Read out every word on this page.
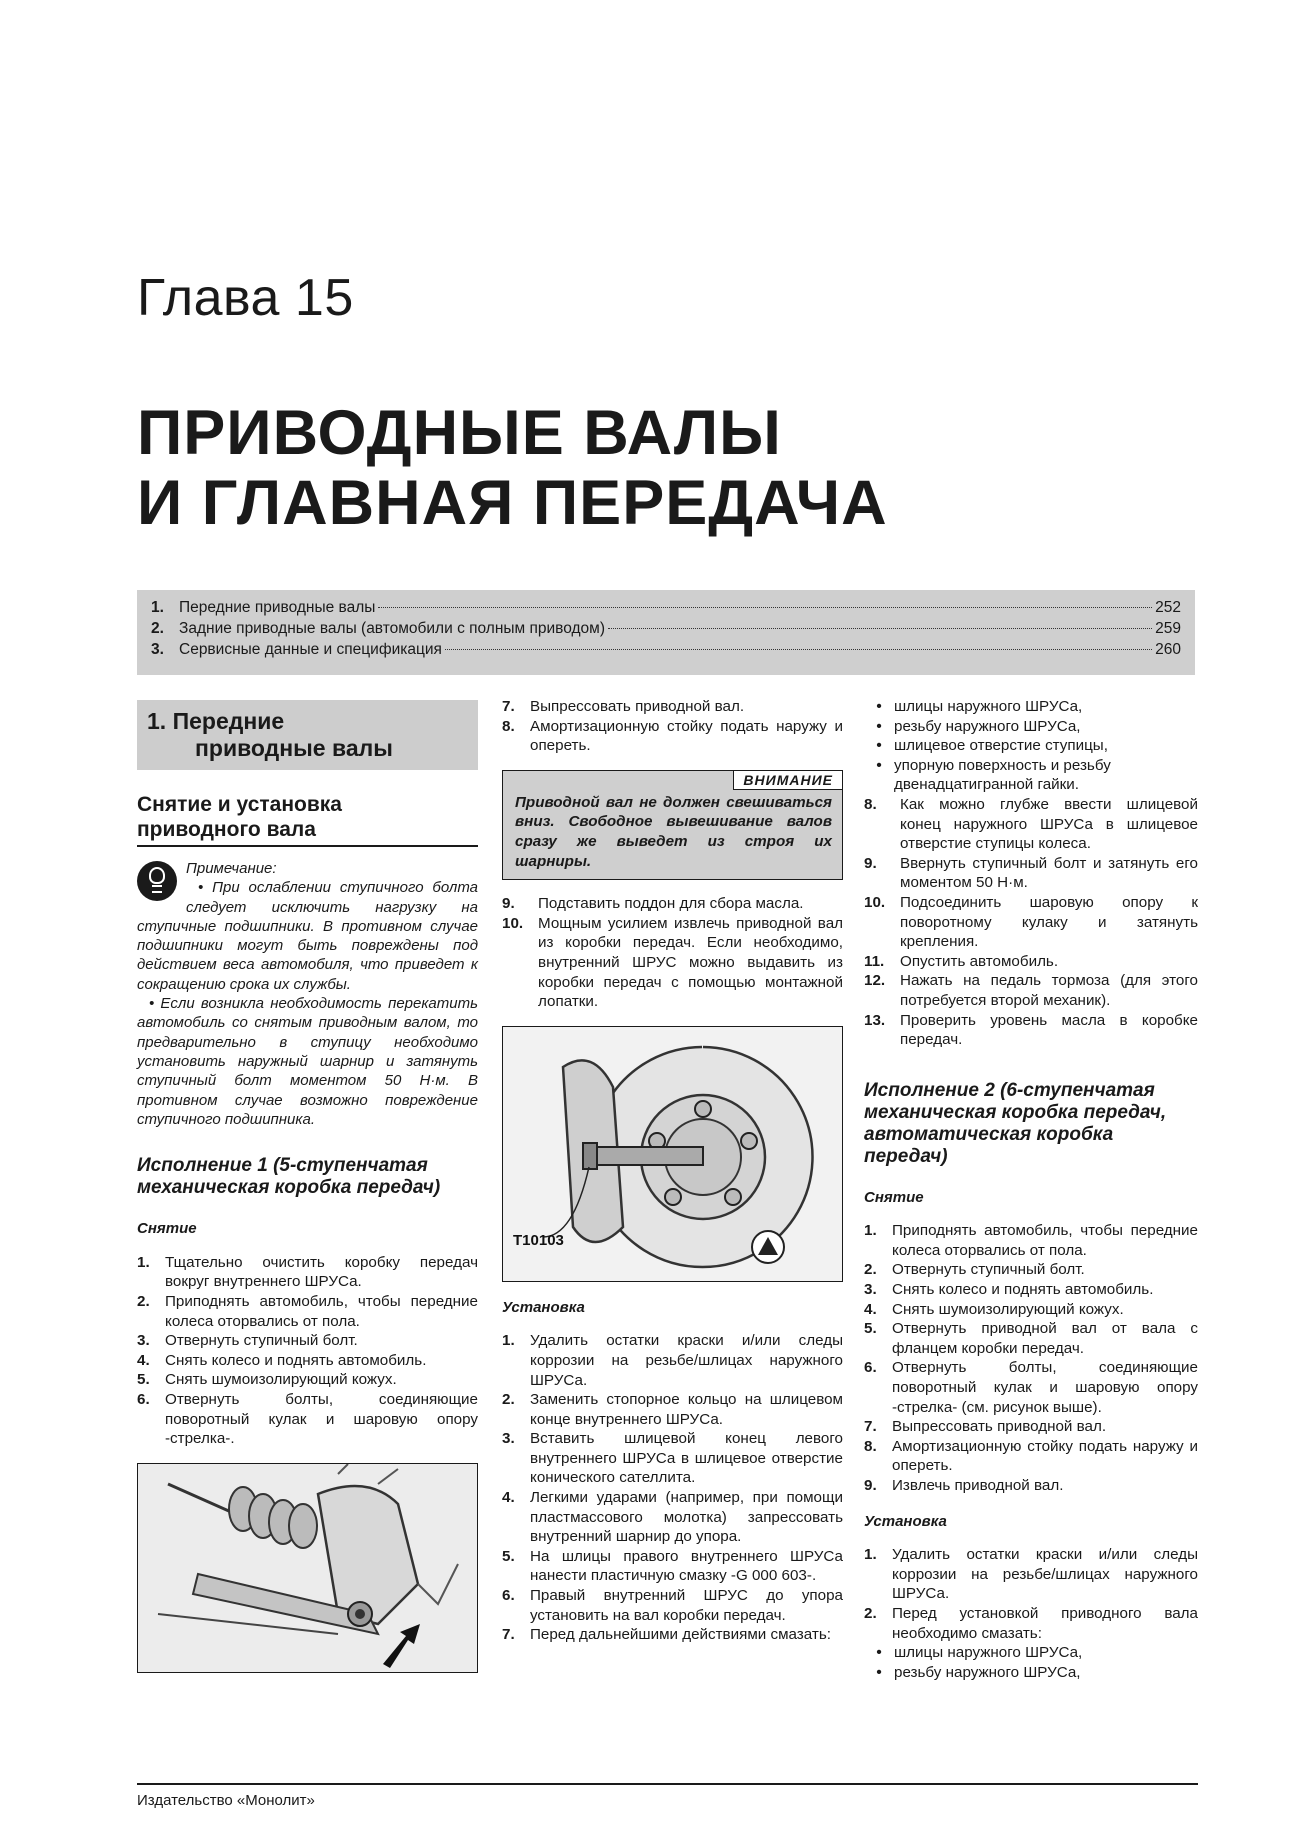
Глава 15
ПРИВОДНЫЕ ВАЛЫ
И ГЛАВНАЯ ПЕРЕДАЧА
1. Передние приводные валы	252
2. Задние приводные валы (автомобили с полным приводом)	259
3. Сервисные данные и спецификация	260
1. Передние
приводные валы
Снятие и установка
приводного вала
Примечание:

• При ослаблении ступичного болта следует исключить нагрузку на ступичные подшипники. В противном случае подшипники могут быть повреждены под действием веса автомобиля, что приведет к сокращению срока их службы.

• Если возникла необходимость перекатить автомобиль со снятым приводным валом, то предварительно в ступицу необходимо установить наружный шарнир и затянуть ступичный болт моментом 50 Н·м. В противном случае возможно повреждение ступичного подшипника.

Исполнение 1 (5-ступенчатая механическая коробка передач)
Снятие
1.	Тщательно очистить коробку передач вокруг внутреннего ШРУСа.
2.	Приподнять автомобиль, чтобы передние колеса оторвались от пола.
3.	Отвернуть ступичный болт.
4.	Снять колесо и поднять автомобиль.
5.	Снять шумоизолирующий кожух.
6.	Отвернуть болты, соединяющие поворотный кулак и шаровую опору -стрелка-.
7.	Выпрессовать приводной вал.
8.	Амортизационную стойку подать наружу и опереть.
ВНИМАНИЕ
Приводной вал не должен свешиваться вниз. Свободное вывешивание валов сразу же выведет из строя их шарниры.
9.	Подставить поддон для сбора масла.
10. Мощным усилием извлечь приводной вал из коробки передач. Если необходимо, внутренний ШРУС можно выдавить из коробки передач с помощью монтажной лопатки.
T10103
Установка
1.	Удалить остатки краски и/или следы коррозии на резьбе/шлицах наружного ШРУСа.
2.	Заменить стопорное кольцо на шлицевом конце внутреннего ШРУСа.
3.	Вставить шлицевой конец левого внутреннего ШРУСа в шлицевое отверстие конического сателлита.
4.	Легкими ударами (например, при помощи пластмассового молотка) запрессовать внутренний шарнир до упора.
5.	На шлицы правого внутреннего ШРУСа нанести пластичную смазку -G 000 603-.
6.	Правый внутренний ШРУС до упора установить на вал коробки передач.
7.	Перед дальнейшими действиями смазать:
• шлицы наружного ШРУСа,
• резьбу наружного ШРУСа,
• шлицевое отверстие ступицы,
• упорную поверхность и резьбу двенадцатигранной гайки.
8.	Как можно глубже ввести шлицевой конец наружного ШРУСа в шлицевое отверстие ступицы колеса.
9.	Ввернуть ступичный болт и затянуть его моментом 50 Н·м.
10. Подсоединить шаровую опору к поворотному кулаку и затянуть крепления.
11.	Опустить автомобиль.
12. Нажать на педаль тормоза (для этого потребуется второй механик).
13. Проверить уровень масла в коробке передач.
Исполнение 2 (6-ступенчатая механическая коробка передач, автоматическая коробка передач)
Снятие
1.	Приподнять автомобиль, чтобы передние колеса оторвались от пола.
2.	Отвернуть ступичный болт.
3.	Снять колесо и поднять автомобиль.
4.	Снять шумоизолирующий кожух.
5.	Отвернуть приводной вал от вала с фланцем коробки передач.
6.	Отвернуть болты, соединяющие поворотный кулак и шаровую опору -стрелка- (см. рисунок выше).
7.	Выпрессовать приводной вал.
8.	Амортизационную стойку подать наружу и опереть.
9.	Извлечь приводной вал.
Установка
1.	Удалить остатки краски и/или следы коррозии на резьбе/шлицах наружного ШРУСа.
2.	Перед установкой приводного вала необходимо смазать:
• шлицы наружного ШРУСа,
• резьбу наружного ШРУСа,
Издательство «Монолит»
